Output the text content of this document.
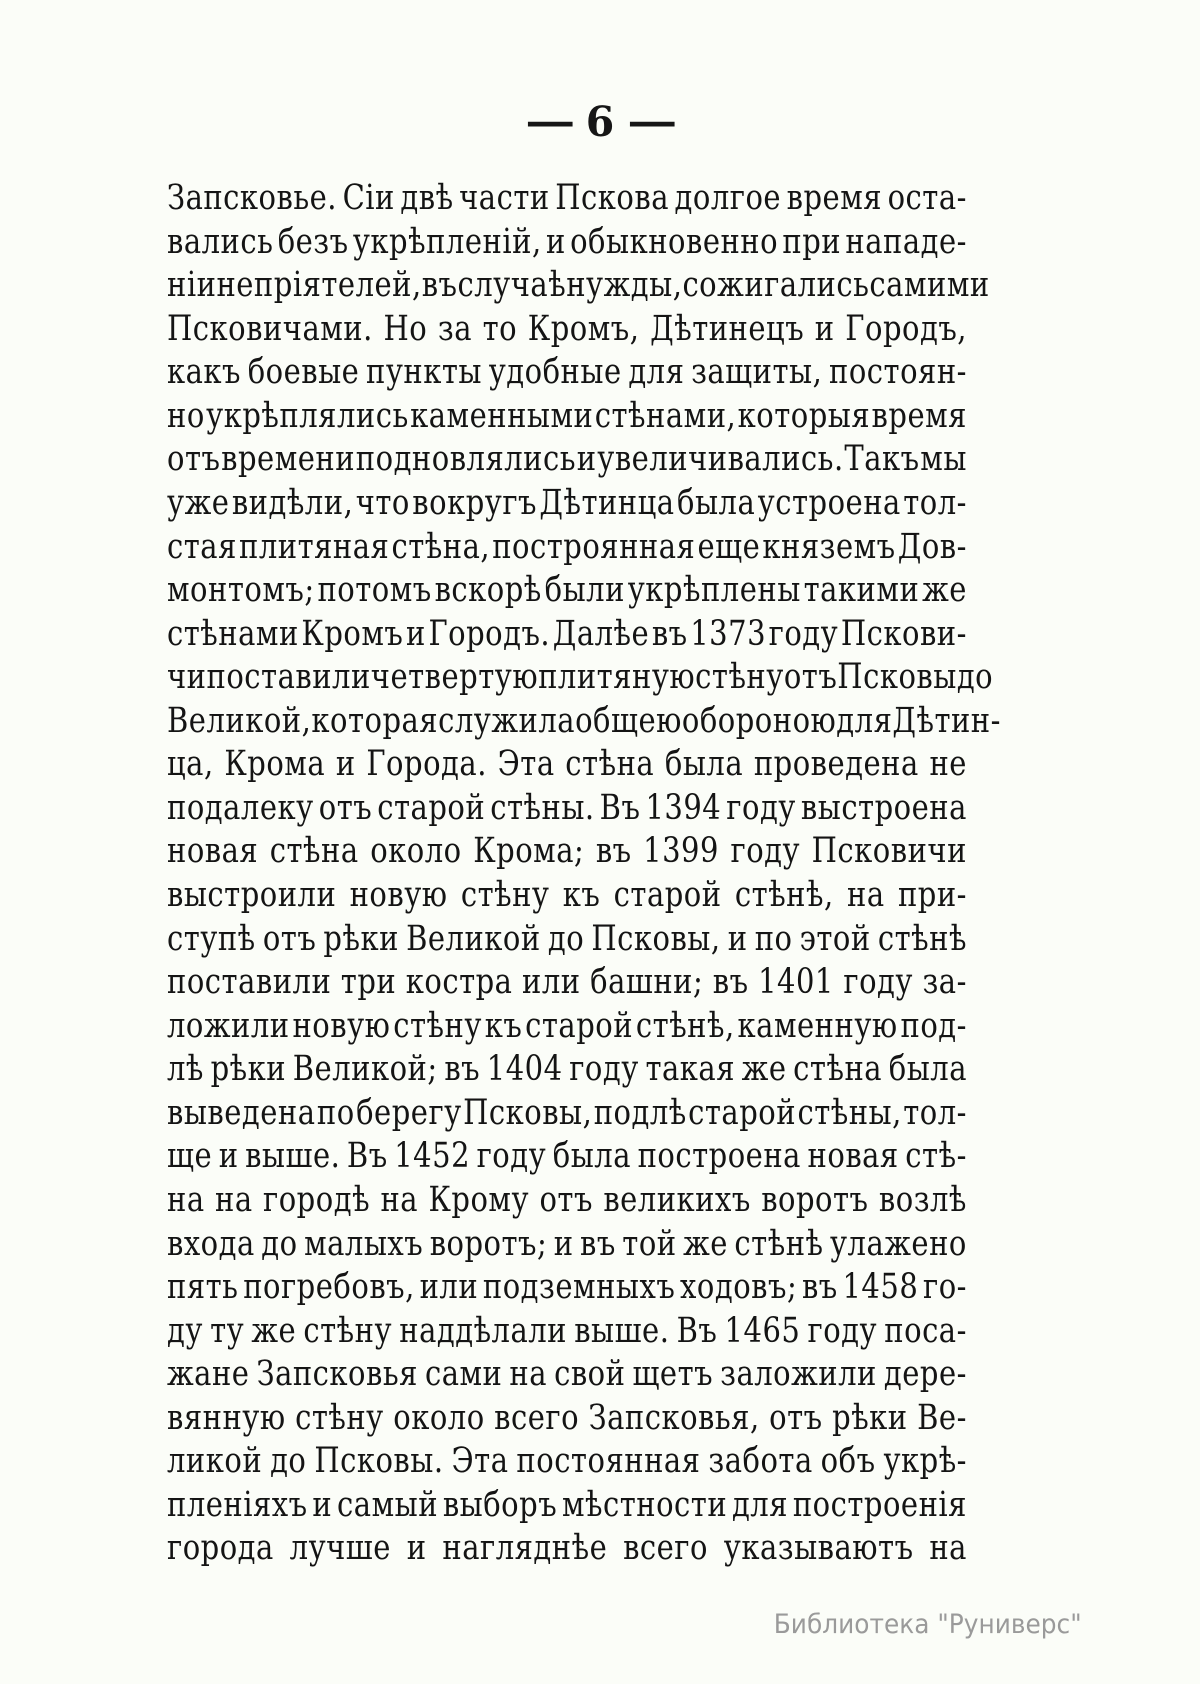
— 6 —
Запсковье. Сіи двѣ части Пскова долгое время оста-
вались безъ укрѣпленій, и обыкновенно при нападе-
ніи непріятелей, въ случаѣ нужды, сожигались самими
Псковичами. Но за то Кромъ, Дѣтинецъ и Городъ,
какъ боевые пункты удобные для защиты, постоян-
но укрѣплялись каменными стѣнами, которыя время
отъ времени подновлялись и увеличивались. Такъ мы
уже видѣли, что вокругъ Дѣтинца была устроена тол-
стая плитяная стѣна, построянная еще княземъ Дов-
монтомъ; потомъ вскорѣ были укрѣплены такими же
стѣнами Кромъ и Городъ. Далѣе въ 1373 году Пскови-
чи поставили четвертую плитяную стѣну отъ Псковы до
Великой, которая служила общею обороною для Дѣтин-
ца, Крома и Города. Эта стѣна была проведена не
подалеку отъ старой стѣны. Въ 1394 году выстроена
новая стѣна около Крома; въ 1399 году Псковичи
выстроили новую стѣну къ старой стѣнѣ, на при-
ступѣ отъ рѣки Великой до Псковы, и по этой стѣнѣ
поставили три костра или башни; въ 1401 году за-
ложили новую стѣну къ старой стѣнѣ, каменную под-
лѣ рѣки Великой; въ 1404 году такая же стѣна была
выведена по берегу Псковы, подлѣ старой стѣны, тол-
ще и выше. Въ 1452 году была построена новая стѣ-
на на городѣ на Крому отъ великихъ воротъ возлѣ
входа до малыхъ воротъ; и въ той же стѣнѣ улажено
пять погребовъ, или подземныхъ ходовъ; въ 1458 го-
ду ту же стѣну наддѣлали выше. Въ 1465 году поса-
жане Запсковья сами на свой щетъ заложили дере-
вянную стѣну около всего Запсковья, отъ рѣки Ве-
ликой до Псковы. Эта постоянная забота объ укрѣ-
пленіяхъ и самый выборъ мѣстности для построенія
города лучше и нагляднѣе всего указываютъ на
Библиотека "Руниверс"
